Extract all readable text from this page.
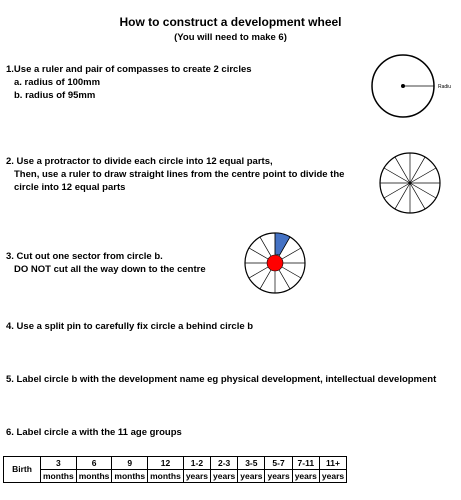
How to construct a development wheel
(You will need to make 6)
1.Use a ruler and pair of compasses to create 2 circles
a. radius of 100mm
b. radius of 95mm
Radiu
2. Use a protractor to divide each circle into 12 equal parts,
Then, use a ruler to draw straight lines from the centre point to divide the
circle into 12 equal parts
3. Cut out one sector from circle b.
DO NOT cut all the way down to the centre
4. Use a split pin to carefully fix circle a behind circle b
5. Label circle b with the development name eg physical development, intellectual development
6. Label circle a with the 11 age groups
Birth	3	6	9	12	1-2	2-3	3-5	5-7	7-11	11+
	months	months	months	months	years	years	years	years	years	years
